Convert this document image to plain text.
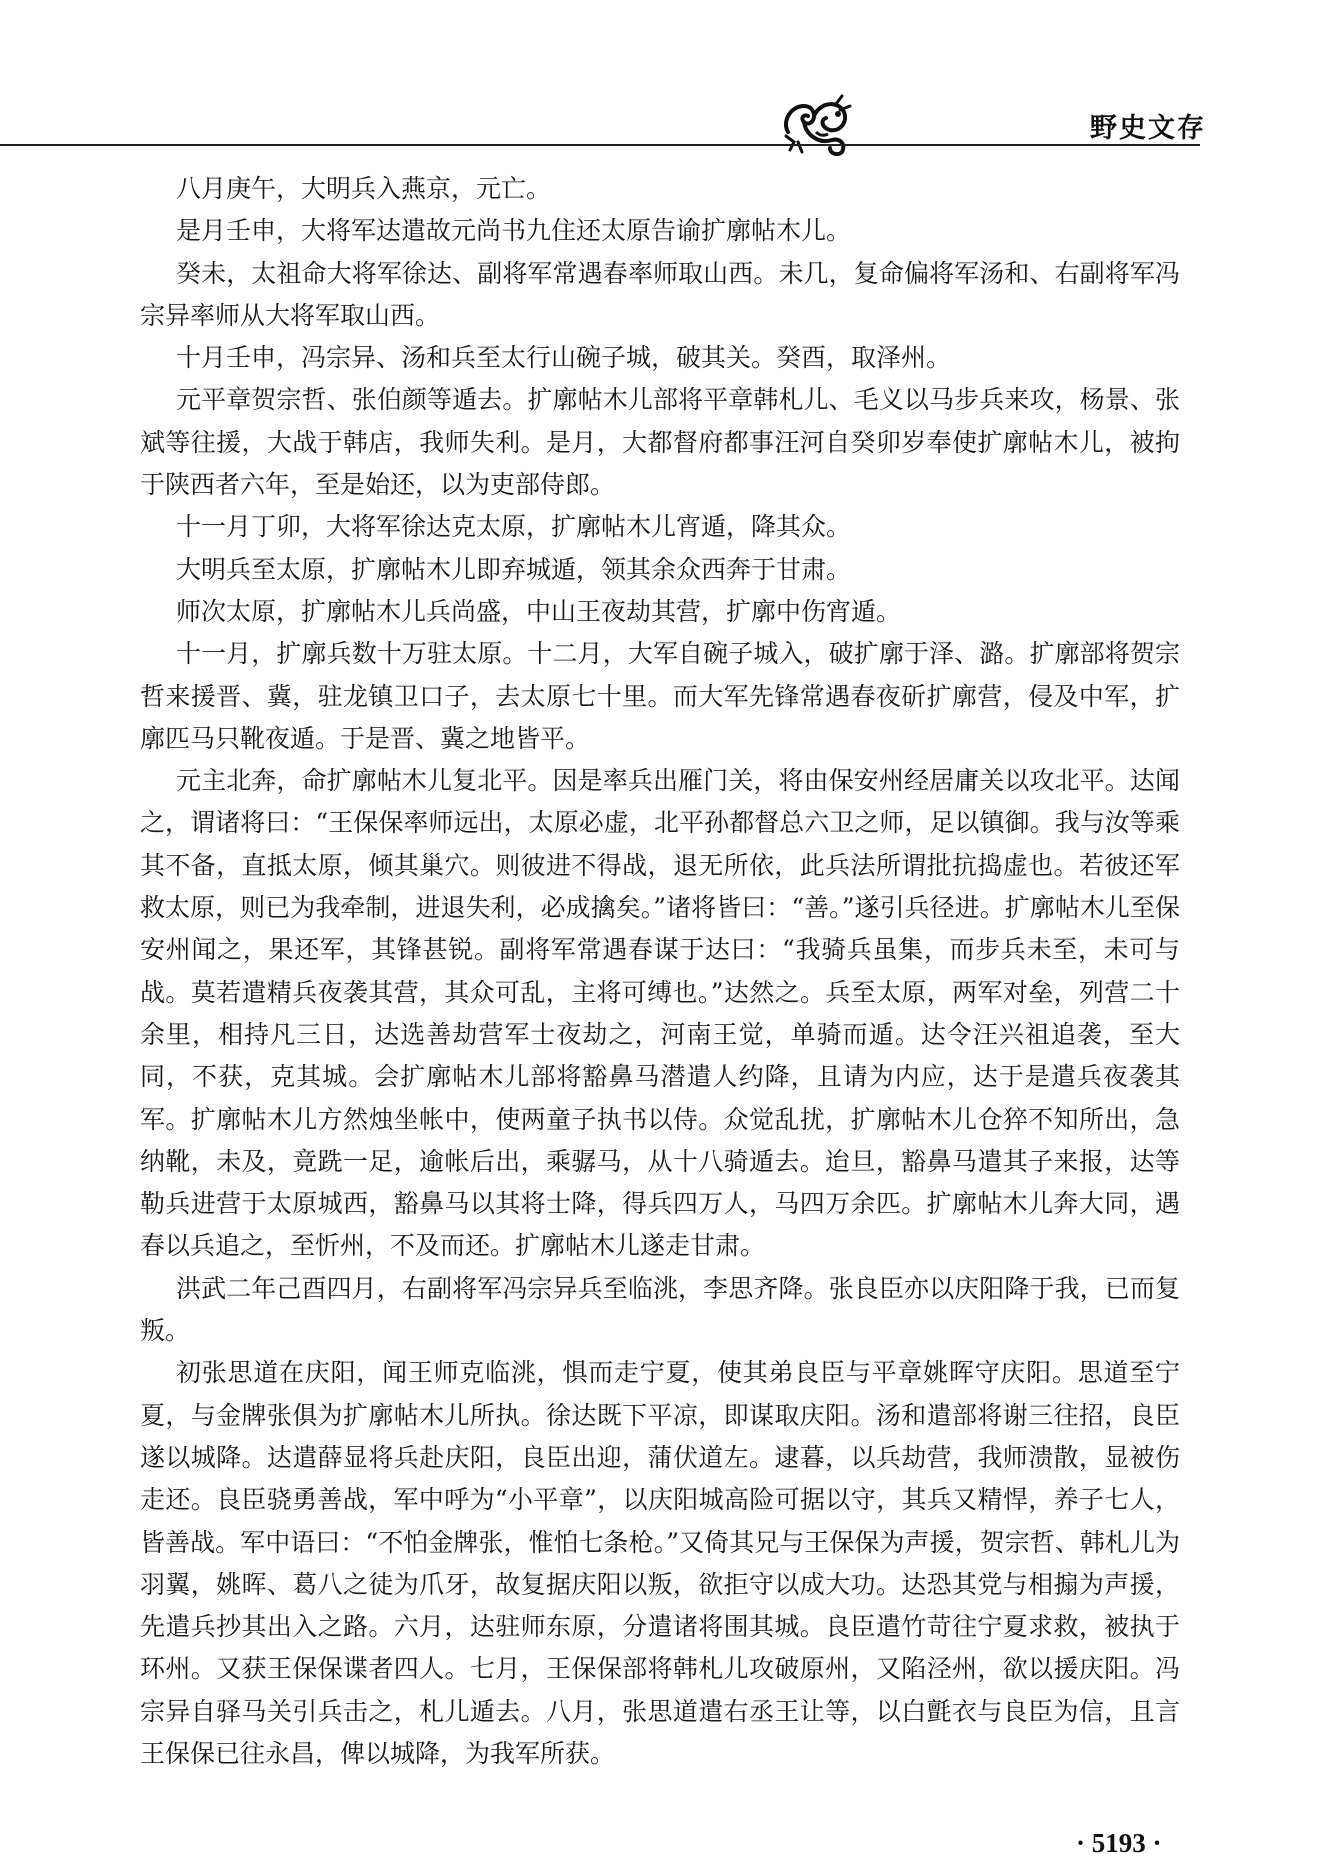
野史文存

八月庚午，大明兵入燕京，元亡。

是月壬申，大将军达遣故元尚书九住还太原告谕扩廓帖木儿。

癸未，太祖命大将军徐达、副将军常遇春率师取山西。未几，复命偏将军汤和、右副将军冯宗异率师从大将军取山西。

十月壬申，冯宗异、汤和兵至太行山碗子城，破其关。癸酉，取泽州。

元平章贺宗哲、张伯颜等遁去。扩廓帖木儿部将平章韩札儿、毛义以马步兵来攻，杨景、张斌等往援，大战于韩店，我师失利。是月，大都督府都事汪河自癸卯岁奉使扩廓帖木儿，被拘于陕西者六年，至是始还，以为吏部侍郎。

十一月丁卯，大将军徐达克太原，扩廓帖木儿宵遁，降其众。

大明兵至太原，扩廓帖木儿即弃城遁，领其余众西奔于甘肃。

师次太原，扩廓帖木儿兵尚盛，中山王夜劫其营，扩廓中伤宵遁。

十一月，扩廓兵数十万驻太原。十二月，大军自碗子城入，破扩廓于泽、潞。扩廓部将贺宗哲来援晋、冀，驻龙镇卫口子，去太原七十里。而大军先锋常遇春夜斫扩廓营，侵及中军，扩廓匹马只靴夜遁。于是晋、冀之地皆平。

元主北奔，命扩廓帖木儿复北平。因是率兵出雁门关，将由保安州经居庸关以攻北平。达闻之，谓诸将曰：“王保保率师远出，太原必虚，北平孙都督总六卫之师，足以镇御。我与汝等乘其不备，直抵太原，倾其巢穴。则彼进不得战，退无所依，此兵法所谓批抗捣虚也。若彼还军救太原，则已为我牵制，进退失利，必成擒矣。”诸将皆曰：“善。”遂引兵径进。扩廓帖木儿至保安州闻之，果还军，其锋甚锐。副将军常遇春谋于达曰：“我骑兵虽集，而步兵未至，未可与战。莫若遣精兵夜袭其营，其众可乱，主将可缚也。”达然之。兵至太原，两军对垒，列营二十余里，相持凡三日，达选善劫营军士夜劫之，河南王觉，单骑而遁。达令汪兴祖追袭，至大同，不获，克其城。会扩廓帖木儿部将豁鼻马潜遣人约降，且请为内应，达于是遣兵夜袭其军。扩廓帖木儿方然烛坐帐中，使两童子执书以侍。众觉乱扰，扩廓帖木儿仓猝不知所出，急纳靴，未及，竟跣一足，逾帐后出，乘骣马，从十八骑遁去。迨旦，豁鼻马遣其子来报，达等勒兵进营于太原城西，豁鼻马以其将士降，得兵四万人，马四万余匹。扩廓帖木儿奔大同，遇春以兵追之，至忻州，不及而还。扩廓帖木儿遂走甘肃。

洪武二年己酉四月，右副将军冯宗异兵至临洮，李思齐降。张良臣亦以庆阳降于我，已而复叛。

初张思道在庆阳，闻王师克临洮，惧而走宁夏，使其弟良臣与平章姚晖守庆阳。思道至宁夏，与金牌张俱为扩廓帖木儿所执。徐达既下平凉，即谋取庆阳。汤和遣部将谢三往招，良臣遂以城降。达遣薛显将兵赴庆阳，良臣出迎，蒲伏道左。逮暮，以兵劫营，我师溃散，显被伤走还。良臣骁勇善战，军中呼为“小平章”，以庆阳城高险可据以守，其兵又精悍，养子七人，皆善战。军中语曰：“不怕金牌张，惟怕七条枪。”又倚其兄与王保保为声援，贺宗哲、韩札儿为羽翼，姚晖、葛八之徒为爪牙，故复据庆阳以叛，欲拒守以成大功。达恐其党与相搧为声援，先遣兵抄其出入之路。六月，达驻师东原，分遣诸将围其城。良臣遣竹苛往宁夏求救，被执于环州。又获王保保谍者四人。七月，王保保部将韩札儿攻破原州，又陷泾州，欲以援庆阳。冯宗异自驿马关引兵击之，札儿遁去。八月，张思道遣右丞王让等，以白氈衣与良臣为信，且言王保保已往永昌，俾以城降，为我军所获。

· 5193 ·
